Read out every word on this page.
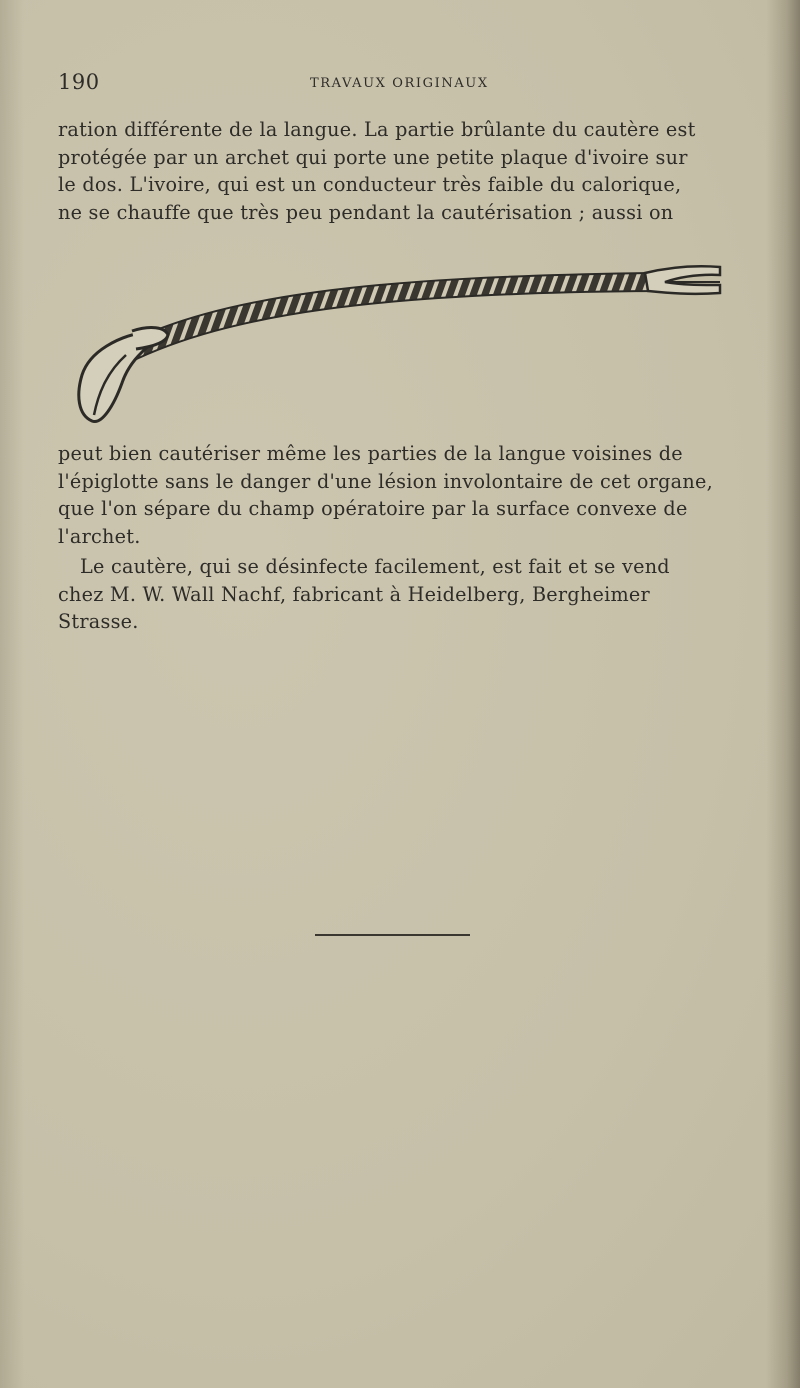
190	TRAVAUX ORIGINAUX

ration différente de la langue. La partie brûlante du cautère est
protégée par un archet qui porte une petite plaque d'ivoire sur
le dos. L'ivoire, qui est un conducteur très faible du calorique,
ne se chauffe que très peu pendant la cautérisation ; aussi on

peut bien cautériser même les parties de la langue voisines de
l'épiglotte sans le danger d'une lésion involontaire de cet organe,
que l'on sépare du champ opératoire par la surface convexe de
l'archet.

Le cautère, qui se désinfecte facilement, est fait et se vend
chez M. W. Wall Nachf, fabricant à Heidelberg, Bergheimer
Strasse.
